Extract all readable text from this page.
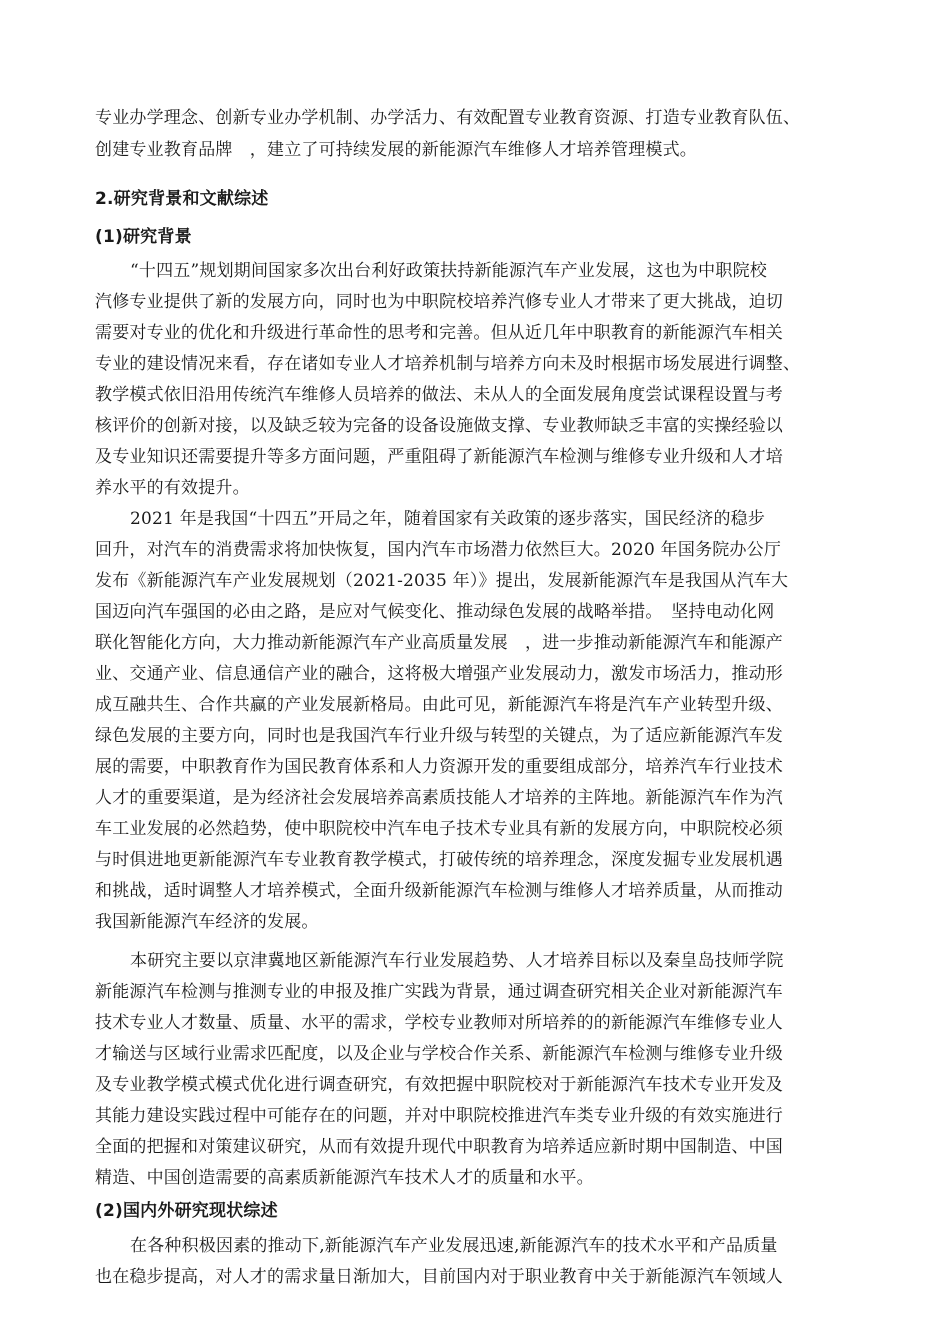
专业办学理念、创新专业办学机制、办学活力、有效配置专业教育资源、打造专业教育队伍、
创建专业教育品牌　，建立了可持续发展的新能源汽车维修人才培养管理模式。
2.研究背景和文献综述
(1)研究背景
“十四五”规划期间国家多次出台利好政策扶持新能源汽车产业发展，这也为中职院校
汽修专业提供了新的发展方向，同时也为中职院校培养汽修专业人才带来了更大挑战，迫切
需要对专业的优化和升级进行革命性的思考和完善。但从近几年中职教育的新能源汽车相关
专业的建设情况来看，存在诸如专业人才培养机制与培养方向未及时根据市场发展进行调整、
教学模式依旧沿用传统汽车维修人员培养的做法、未从人的全面发展角度尝试课程设置与考
核评价的创新对接，以及缺乏较为完备的设备设施做支撑、专业教师缺乏丰富的实操经验以
及专业知识还需要提升等多方面问题，严重阻碍了新能源汽车检测与维修专业升级和人才培
养水平的有效提升。
2021 年是我国“十四五”开局之年，随着国家有关政策的逐步落实，国民经济的稳步
回升，对汽车的消费需求将加快恢复，国内汽车市场潜力依然巨大。2020 年国务院办公厅
发布《新能源汽车产业发展规划（2021-2035 年）》提出，发展新能源汽车是我国从汽车大
国迈向汽车强国的必由之路，是应对气候变化、推动绿色发展的战略举措。　坚持电动化网
联化智能化方向，大力推动新能源汽车产业高质量发展　，进一步推动新能源汽车和能源产
业、交通产业、信息通信产业的融合，这将极大增强产业发展动力，激发市场活力，推动形
成互融共生、合作共赢的产业发展新格局。由此可见，新能源汽车将是汽车产业转型升级、
绿色发展的主要方向，同时也是我国汽车行业升级与转型的关键点，为了适应新能源汽车发
展的需要，中职教育作为国民教育体系和人力资源开发的重要组成部分，培养汽车行业技术
人才的重要渠道，是为经济社会发展培养高素质技能人才培养的主阵地。新能源汽车作为汽
车工业发展的必然趋势，使中职院校中汽车电子技术专业具有新的发展方向，中职院校必须
与时俱进地更新能源汽车专业教育教学模式，打破传统的培养理念，深度发掘专业发展机遇
和挑战，适时调整人才培养模式，全面升级新能源汽车检测与维修人才培养质量，从而推动
我国新能源汽车经济的发展。
本研究主要以京津冀地区新能源汽车行业发展趋势、人才培养目标以及秦皇岛技师学院
新能源汽车检测与推测专业的申报及推广实践为背景，通过调查研究相关企业对新能源汽车
技术专业人才数量、质量、水平的需求，学校专业教师对所培养的的新能源汽车维修专业人
才输送与区域行业需求匹配度，以及企业与学校合作关系、新能源汽车检测与维修专业升级
及专业教学模式模式优化进行调查研究，有效把握中职院校对于新能源汽车技术专业开发及
其能力建设实践过程中可能存在的问题，并对中职院校推进汽车类专业升级的有效实施进行
全面的把握和对策建议研究，从而有效提升现代中职教育为培养适应新时期中国制造、中国
精造、中国创造需要的高素质新能源汽车技术人才的质量和水平。
(2)国内外研究现状综述
在各种积极因素的推动下,新能源汽车产业发展迅速,新能源汽车的技术水平和产品质量
也在稳步提高，对人才的需求量日渐加大，目前国内对于职业教育中关于新能源汽车领域人
